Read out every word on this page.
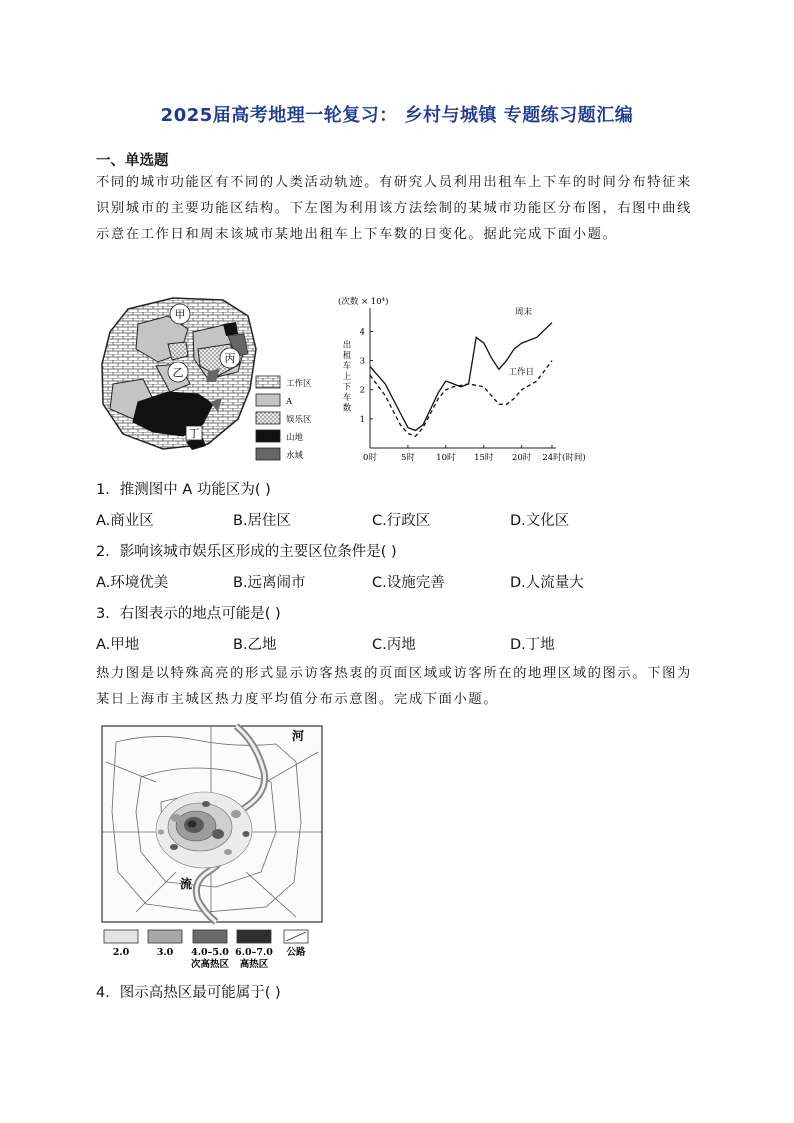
2025届高考地理一轮复习： 乡村与城镇 专题练习题汇编
一、单选题
不同的城市功能区有不同的人类活动轨迹。有研究人员利用出租车上下车的时间分布特征来识别城市的主要功能区结构。下左图为利用该方法绘制的某城市功能区分布图，右图中曲线示意在工作日和周末该城市某地出租车上下车数的日变化。据此完成下面小题。
甲
丙
乙
丁
工作区
A
娱乐区
山地
水域
(次数 × 10⁴)
出租车上下车数
(时间)
0时	5时	10时 15时 20时 24时
1
2
3
4
周末
工作日
1．推测图中 A 功能区为( )
A.商业区	B.居住区	C.行政区	D.文化区
2．影响该城市娱乐区形成的主要区位条件是( )
A.环境优美	B.远离闹市	C.设施完善	D.人流量大
3．右图表示的地点可能是( )
A.甲地	B.乙地	C.丙地	D.丁地
热力图是以特殊高亮的形式显示访客热衷的页面区域或访客所在的地理区域的图示。下图为某日上海市主城区热力度平均值分布示意图。完成下面小题。
河
流
2.0	3.0 4.0–5.0
次高热区
6.0–7.0
高热区
公路
4．图示高热区最可能属于( )
